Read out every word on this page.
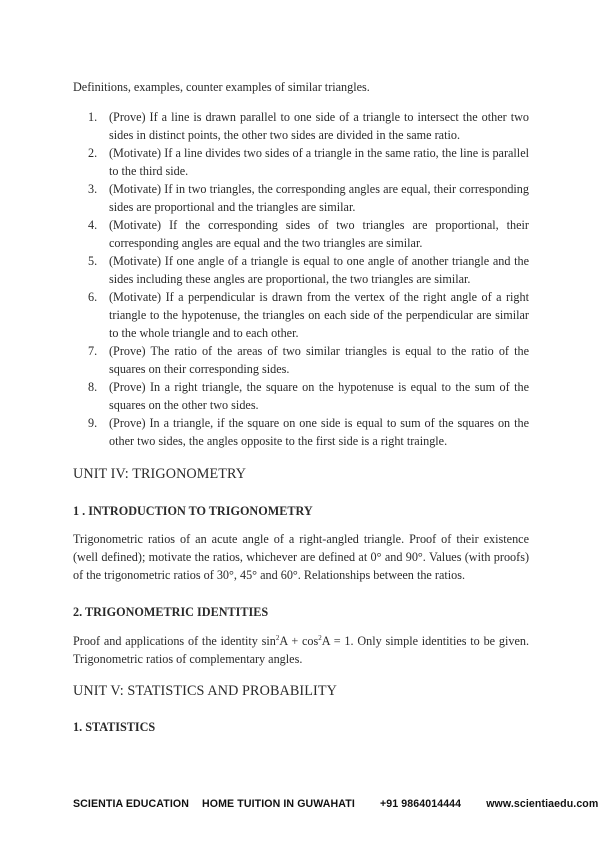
Definitions, examples, counter examples of similar triangles.
1. (Prove) If a line is drawn parallel to one side of a triangle to intersect the other two sides in distinct points, the other two sides are divided in the same ratio.
2. (Motivate) If a line divides two sides of a triangle in the same ratio, the line is parallel to the third side.
3. (Motivate) If in two triangles, the corresponding angles are equal, their corresponding sides are proportional and the triangles are similar.
4. (Motivate) If the corresponding sides of two triangles are proportional, their corresponding angles are equal and the two triangles are similar.
5. (Motivate) If one angle of a triangle is equal to one angle of another triangle and the sides including these angles are proportional, the two triangles are similar.
6. (Motivate) If a perpendicular is drawn from the vertex of the right angle of a right triangle to the hypotenuse, the triangles on each side of the perpendicular are similar to the whole triangle and to each other.
7. (Prove) The ratio of the areas of two similar triangles is equal to the ratio of the squares on their corresponding sides.
8. (Prove) In a right triangle, the square on the hypotenuse is equal to the sum of the squares on the other two sides.
9. (Prove) In a triangle, if the square on one side is equal to sum of the squares on the other two sides, the angles opposite to the first side is a right traingle.
UNIT IV: TRIGONOMETRY
1 . INTRODUCTION TO TRIGONOMETRY
Trigonometric ratios of an acute angle of a right-angled triangle. Proof of their existence (well defined); motivate the ratios, whichever are defined at 0° and 90°. Values (with proofs) of the trigonometric ratios of 30°, 45° and 60°. Relationships between the ratios.
2. TRIGONOMETRIC IDENTITIES
Proof and applications of the identity $\sin^2A + \cos^2A = 1$. Only simple identities to be given. Trigonometric ratios of complementary angles.
UNIT V: STATISTICS AND PROBABILITY
1. STATISTICS
SCIENTIA EDUCATION HOME TUITION IN GUWAHATI +91 9864014444 www.scientiaedu.com
